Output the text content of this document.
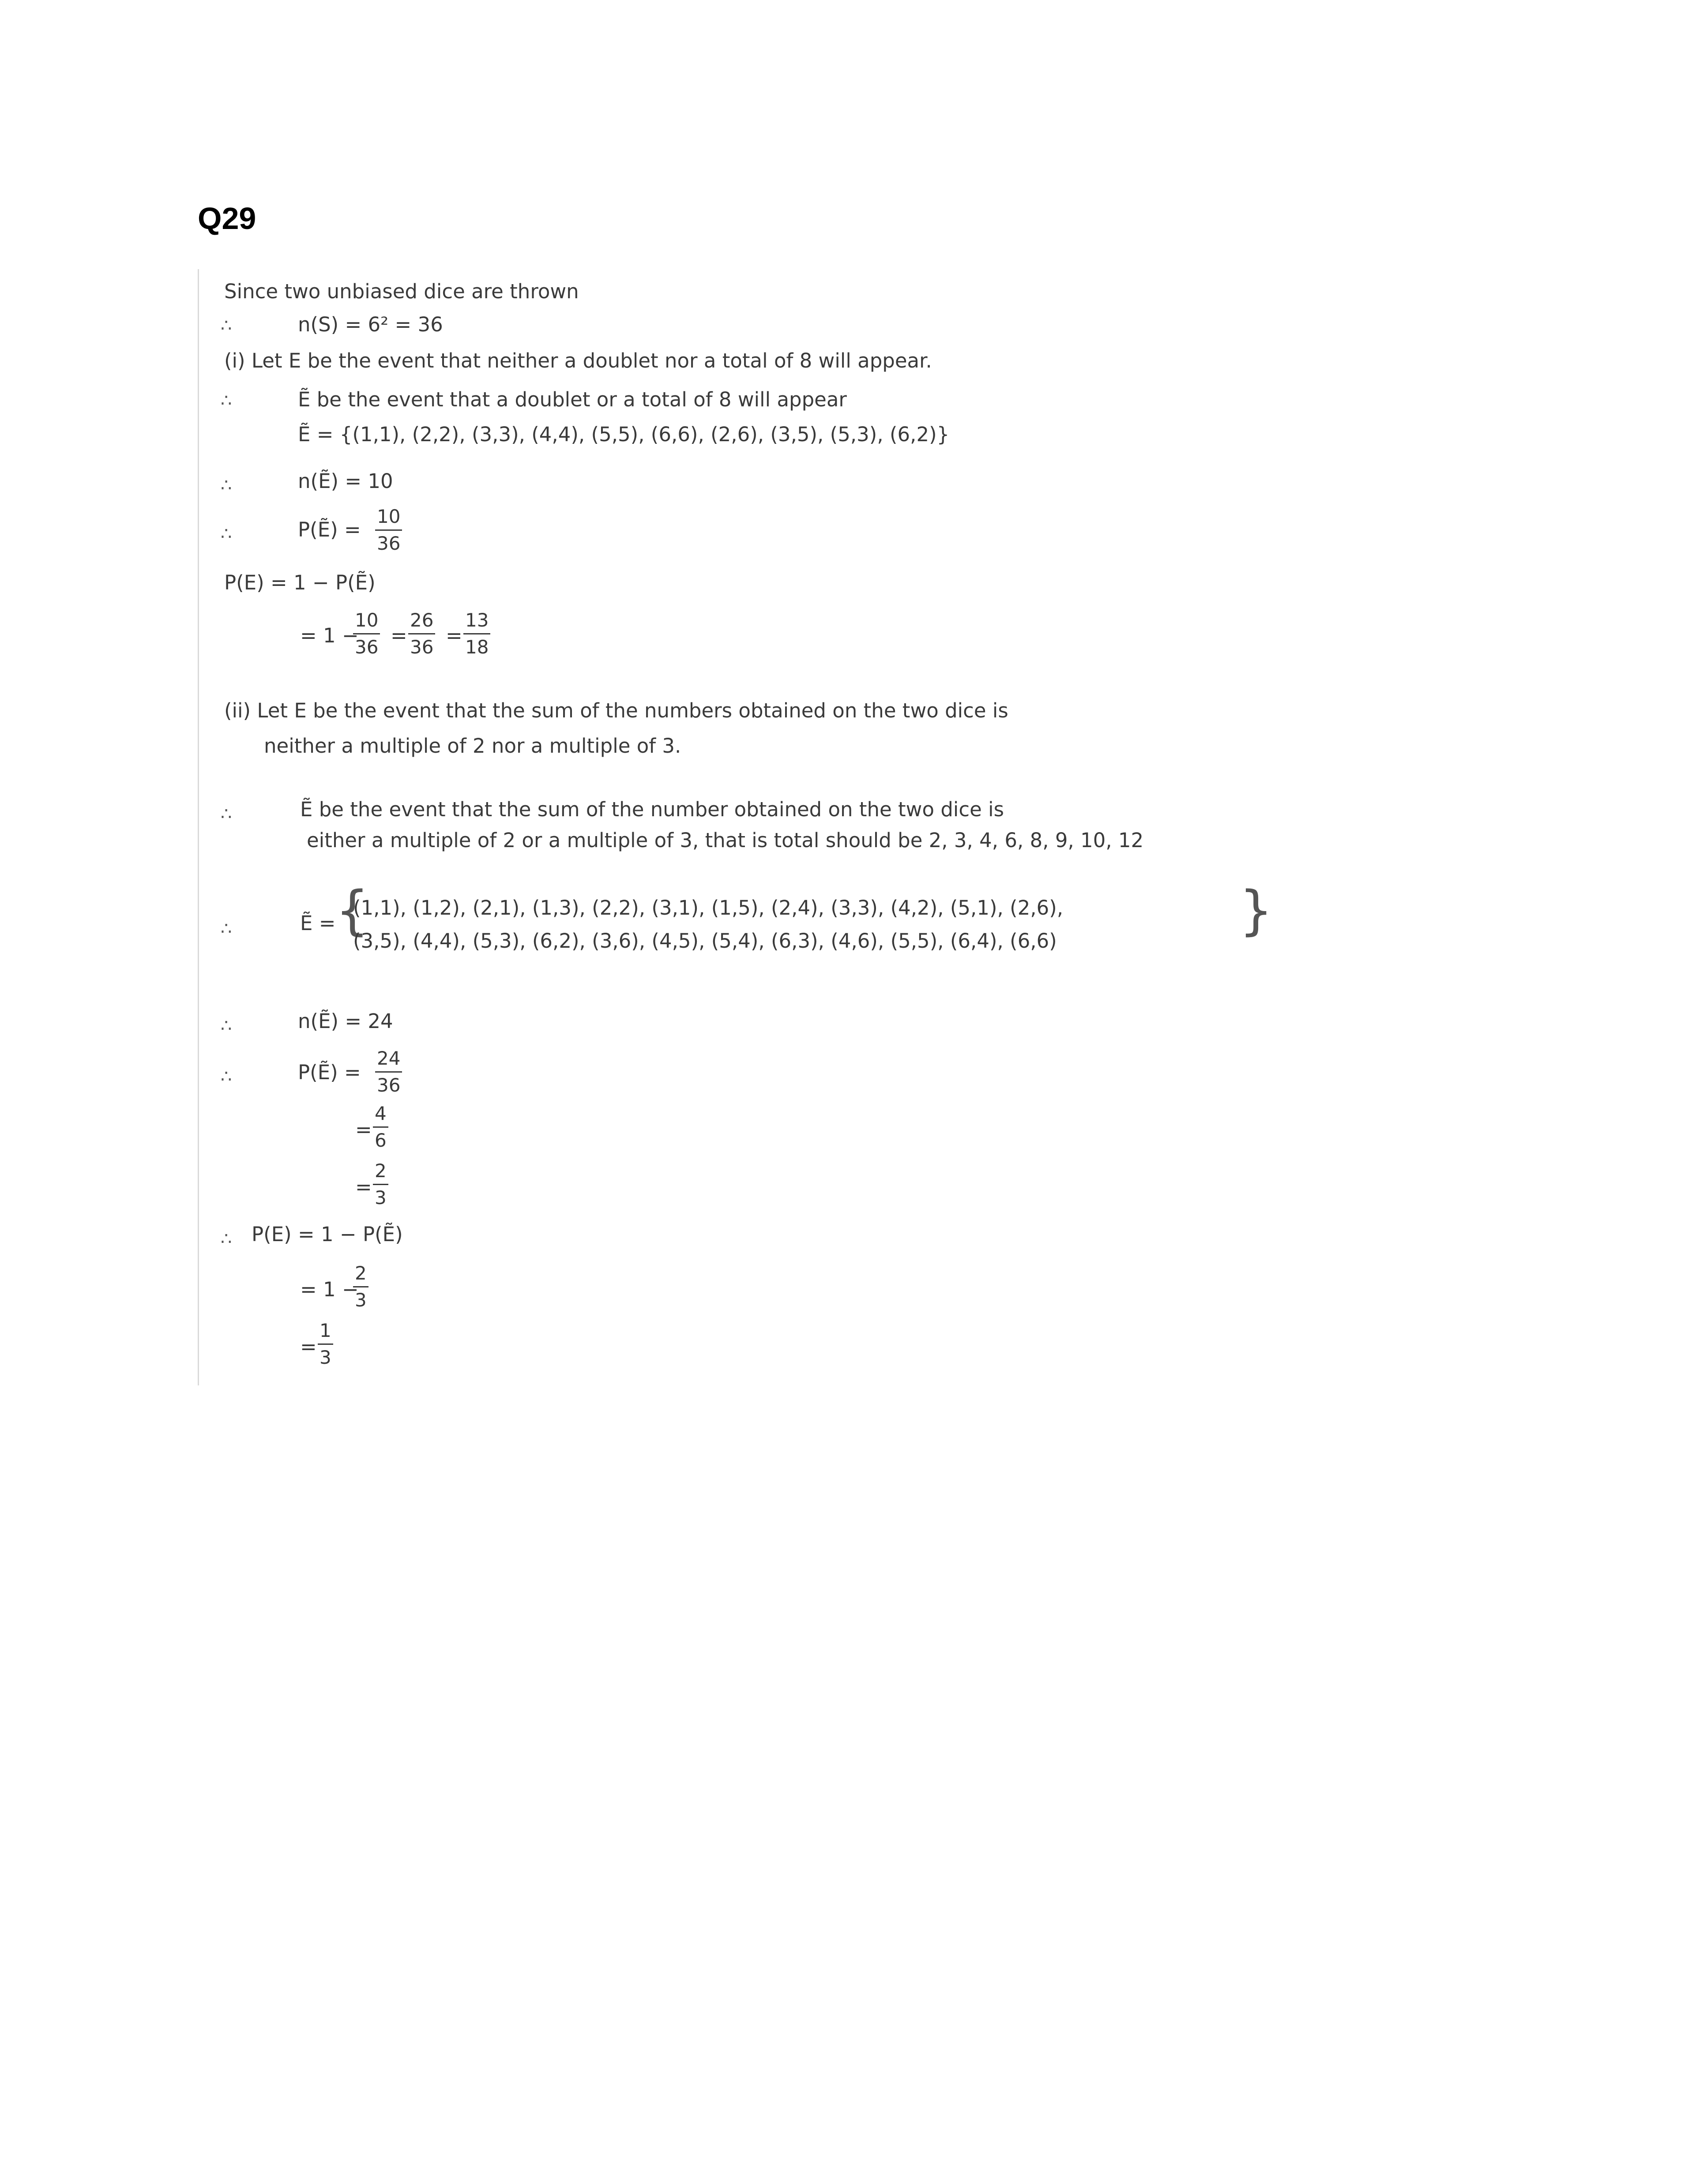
Q29
Since two unbiased dice are thrown
∴	n(S) = 6² = 36
(i) Let E be the event that neither a doublet nor a total of 8 will appear.
∴	Ẽ be the event that a doublet or a total of 8 will appear
Ẽ = {(1,1), (2,2), (3,3), (4,4), (5,5), (6,6), (2,6), (3,5), (5,3), (6,2)}
∴	n(Ẽ) = 10
∴	P(Ẽ) = $\frac{10}{36}$
P(E) = 1 − P(Ẽ)
= 1 −
$\frac{10}{36} = \frac{26}{36} = \frac{13}{18}$
(ii) Let E be the event that the sum of the numbers obtained on the two dice is
neither a multiple of 2 nor a multiple of 3.
∴	Ẽ be the event that the sum of the number obtained on the two dice is
either a multiple of 2 or a multiple of 3, that is total should be 2, 3, 4, 6, 8, 9, 10, 12
∴	Ẽ = {
(1,1), (1,2), (2,1), (1,3), (2,2), (3,1), (1,5), (2,4), (3,3), (4,2), (5,1), (2,6),
(3,5), (4,4), (5,3), (6,2), (3,6), (4,5), (5,4), (6,3), (4,6), (5,5), (6,4), (6,6)	}
∴	n(Ẽ) = 24
∴	P(Ẽ) = $\frac{24}{36}$
= $\frac{4}{6}$
= $\frac{2}{3}$
∴ P(E) = 1 − P(Ẽ)
= 1 −
$\frac{2}{3}$
= $\frac{1}{3}$
